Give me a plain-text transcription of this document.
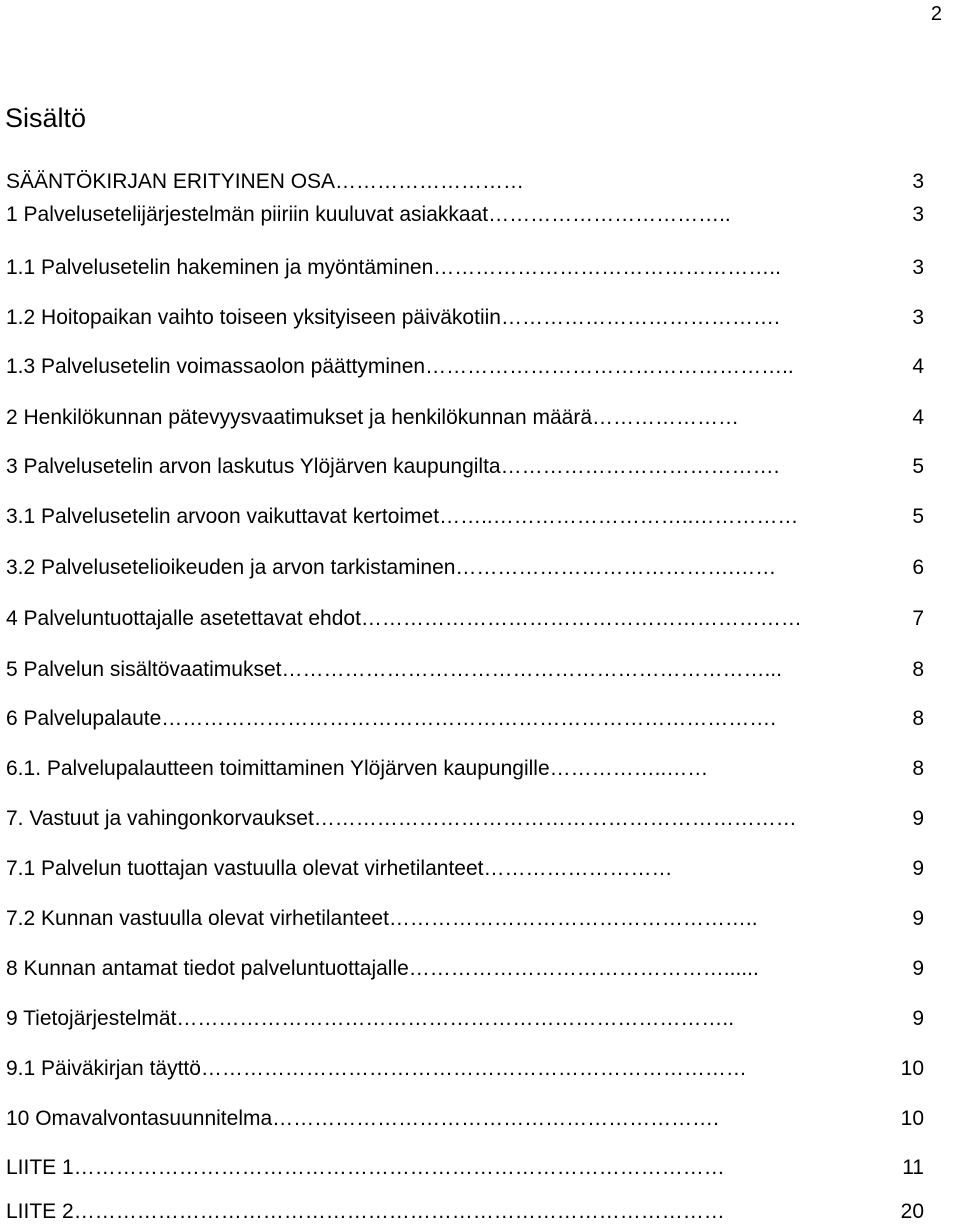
2
Sisältö
SÄÄNTÖKIRJAN ERITYINEN OSA………………………	3
1 Palvelusetelijärjestelmän piiriin kuuluvat asiakkaat……………………………..	3
1.1 Palvelusetelin hakeminen ja myöntäminen…………………………………………..	3
1.2 Hoitopaikan vaihto toiseen yksityiseen päiväkotiin………………………………….	3
1.3 Palvelusetelin voimassaolon päättyminen……………………………………………..	4
2 Henkilökunnan pätevyysvaatimukset ja henkilökunnan määrä…………………	4
3 Palvelusetelin arvon laskutus Ylöjärven kaupungilta………………………………….	5
3.1 Palvelusetelin arvoon vaikuttavat kertoimet……..………………………..……………	5
3.2 Palvelusetelioikeuden ja arvon tarkistaminen………………………………….……	6
4 Palveluntuottajalle asetettavat ehdot………………………………………………………	7
5 Palvelun sisältövaatimukset……………………………………………………………...	8
6 Palvelupalaute…………………………………………………………………………….	8
6.1. Palvelupalautteen toimittaminen Ylöjärven kaupungille……………..……	8
7. Vastuut ja vahingonkorvaukset……………………………………………………………	9
7.1 Palvelun tuottajan vastuulla olevat virhetilanteet………………………	9
7.2 Kunnan vastuulla olevat virhetilanteet……………………………………………..	9
8 Kunnan antamat tiedot palveluntuottajalle………………………………………......	9
9 Tietojärjestelmät……………………………………………………………………..	9
9.1 Päiväkirjan täyttö……………………………………………………………………	10
10 Omavalvontasuunnitelma……………………………………………………….	10
LIITE 1…………………………………………………………………………………	11
LIITE 2…………………………………………………………………………………	20
